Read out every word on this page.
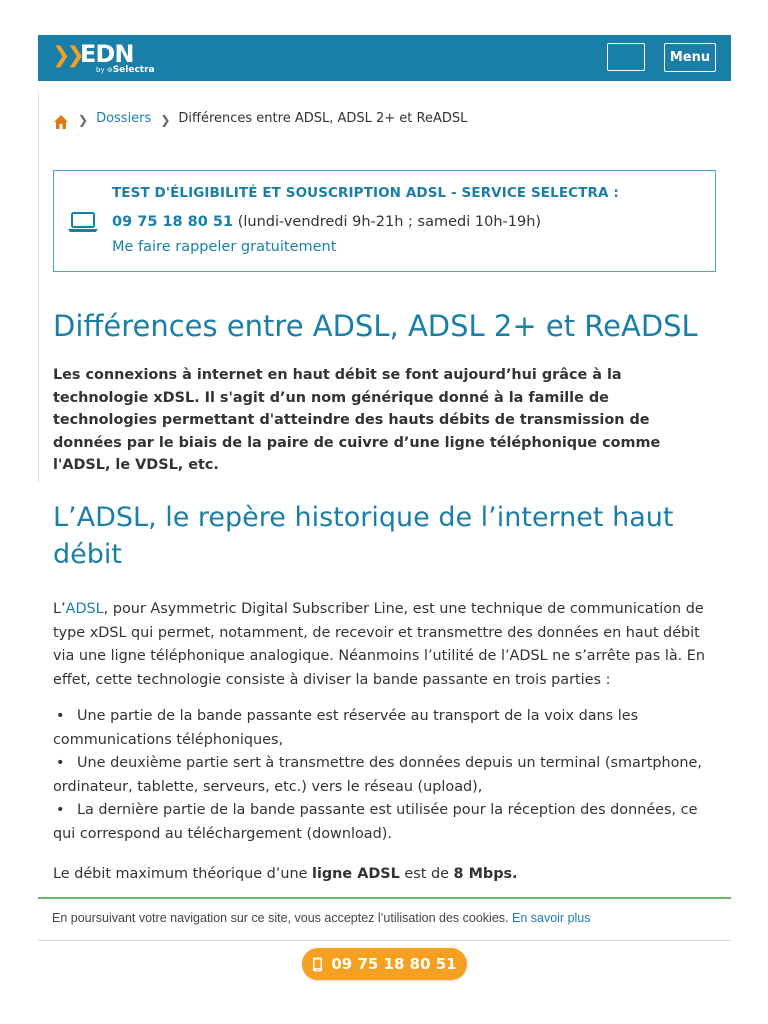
❯❯ EDN
by ⊚Selectra
Menu
❯ Dossiers ❯ Différences entre ADSL, ADSL 2+ et ReADSL
TEST D'ÉLIGIBILITÉ ET SOUSCRIPTION ADSL - SERVICE SELECTRA :
09 75 18 80 51 (lundi-vendredi 9h-21h ; samedi 10h-19h)
Me faire rappeler gratuitement
Différences entre ADSL, ADSL 2+ et ReADSL

Les connexions à internet en haut débit se font aujourd’hui grâce à la technologie xDSL. Il s'agit d’un nom générique donné à la famille de technologies permettant d'atteindre des hauts débits de transmission de données par le biais de la paire de cuivre d’une ligne téléphonique comme l'ADSL, le VDSL, etc.

L’ADSL, le repère historique de l’internet haut débit

L’ADSL, pour Asymmetric Digital Subscriber Line, est une technique de communication de type xDSL qui permet, notamment, de recevoir et transmettre des données en haut débit via une ligne téléphonique analogique. Néanmoins l’utilité de l’ADSL ne s’arrête pas là. En effet, cette technologie consiste à diviser la bande passante en trois parties :

• Une partie de la bande passante est réservée au transport de la voix dans les communications téléphoniques,
• Une deuxième partie sert à transmettre des données depuis un terminal (smartphone, ordinateur, tablette, serveurs, etc.) vers le réseau (upload),
• La dernière partie de la bande passante est utilisée pour la réception des données, ce qui correspond au téléchargement (download).

Le débit maximum théorique d’une ligne ADSL est de 8 Mbps.

En poursuivant votre navigation sur ce site, vous acceptez l’utilisation des cookies. En savoir plus
09 75 18 80 51
